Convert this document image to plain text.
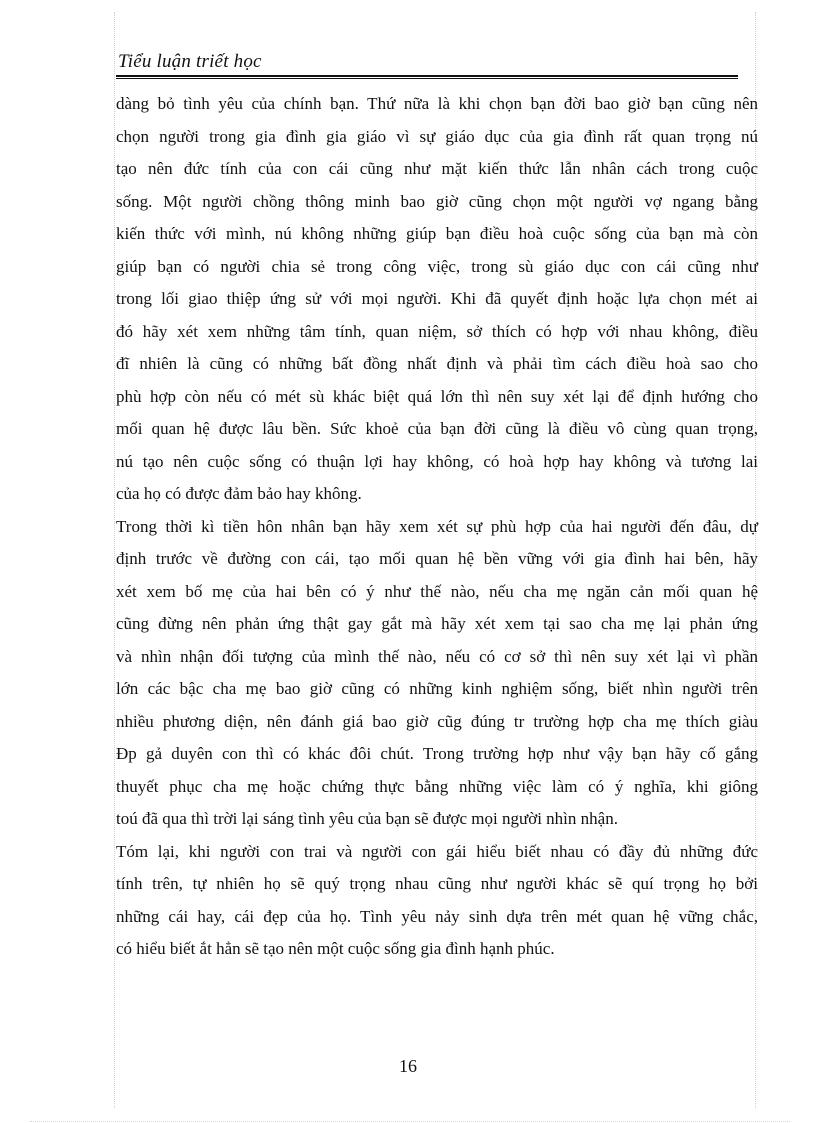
Tiểu luận triết học

dàng bỏ tình yêu của chính bạn. Thứ nữa là khi chọn bạn đời bao giờ bạn cũng nên
chọn người trong gia đình gia giáo vì sự giáo dục của gia đình rất quan trọng nú
tạo nên đức tính của con cái cũng như mặt kiến thức lẫn nhân cách trong cuộc
sống. Một người chồng thông minh bao giờ cũng chọn một người vợ ngang bằng
kiến thức với mình, nú không những giúp bạn điều hoà cuộc sống của bạn mà còn
giúp bạn có người chia sẻ trong công việc, trong sù giáo dục con cái cũng như
trong lối giao thiệp ứng sử với mọi người. Khi đã quyết định hoặc lựa chọn mét ai
đó hãy xét xem những tâm tính, quan niệm, sở thích có hợp với nhau không, điều
đĩ nhiên là cũng có những bất đồng nhất định và phải tìm cách điều hoà sao cho
phù hợp còn nếu có mét sù khác biệt quá lớn thì nên suy xét lại để định hướng cho
mối quan hệ được lâu bền. Sức khoẻ của bạn đời cũng là điều vô cùng quan trọng,
nú tạo nên cuộc sống có thuận lợi hay không, có hoà hợp hay không và tương lai
của họ có được đảm bảo hay không.

Trong thời kì tiền hôn nhân bạn hãy xem xét sự phù hợp của hai người đến đâu, dự
định trước về đường con cái, tạo mối quan hệ bền vững với gia đình hai bên, hãy
xét xem bố mẹ của hai bên có ý như thế nào, nếu cha mẹ ngăn cản mối quan hệ
cũng đừng nên phản ứng thật gay gắt mà hãy xét xem tại sao cha mẹ lại phản ứng
và nhìn nhận đối tượng của mình thế nào, nếu có cơ sở thì nên suy xét lại vì phần
lớn các bậc cha mẹ bao giờ cũng có những kinh nghiệm sống, biết nhìn người trên
nhiều phương diện, nên đánh giá bao giờ cũg đúng tr trường hợp cha mẹ thích giàu
Đp gả duyên con thì có khác đôi chút. Trong trường hợp như vậy bạn hãy cố gắng
thuyết phục cha mẹ hoặc chứng thực bằng những việc làm có ý nghĩa, khi giông
toú đã qua thì trời lại sáng tình yêu của bạn sẽ được mọi người nhìn nhận.

Tóm lại, khi người con trai và người con gái hiểu biết nhau có đầy đủ những đức
tính trên, tự nhiên họ sẽ quý trọng nhau cũng như người khác sẽ quí trọng họ bởi
những cái hay, cái đẹp của họ. Tình yêu nảy sinh dựa trên mét quan hệ vững chắc,
có hiểu biết ắt hẳn sẽ tạo nên một cuộc sống gia đình hạnh phúc.

16
